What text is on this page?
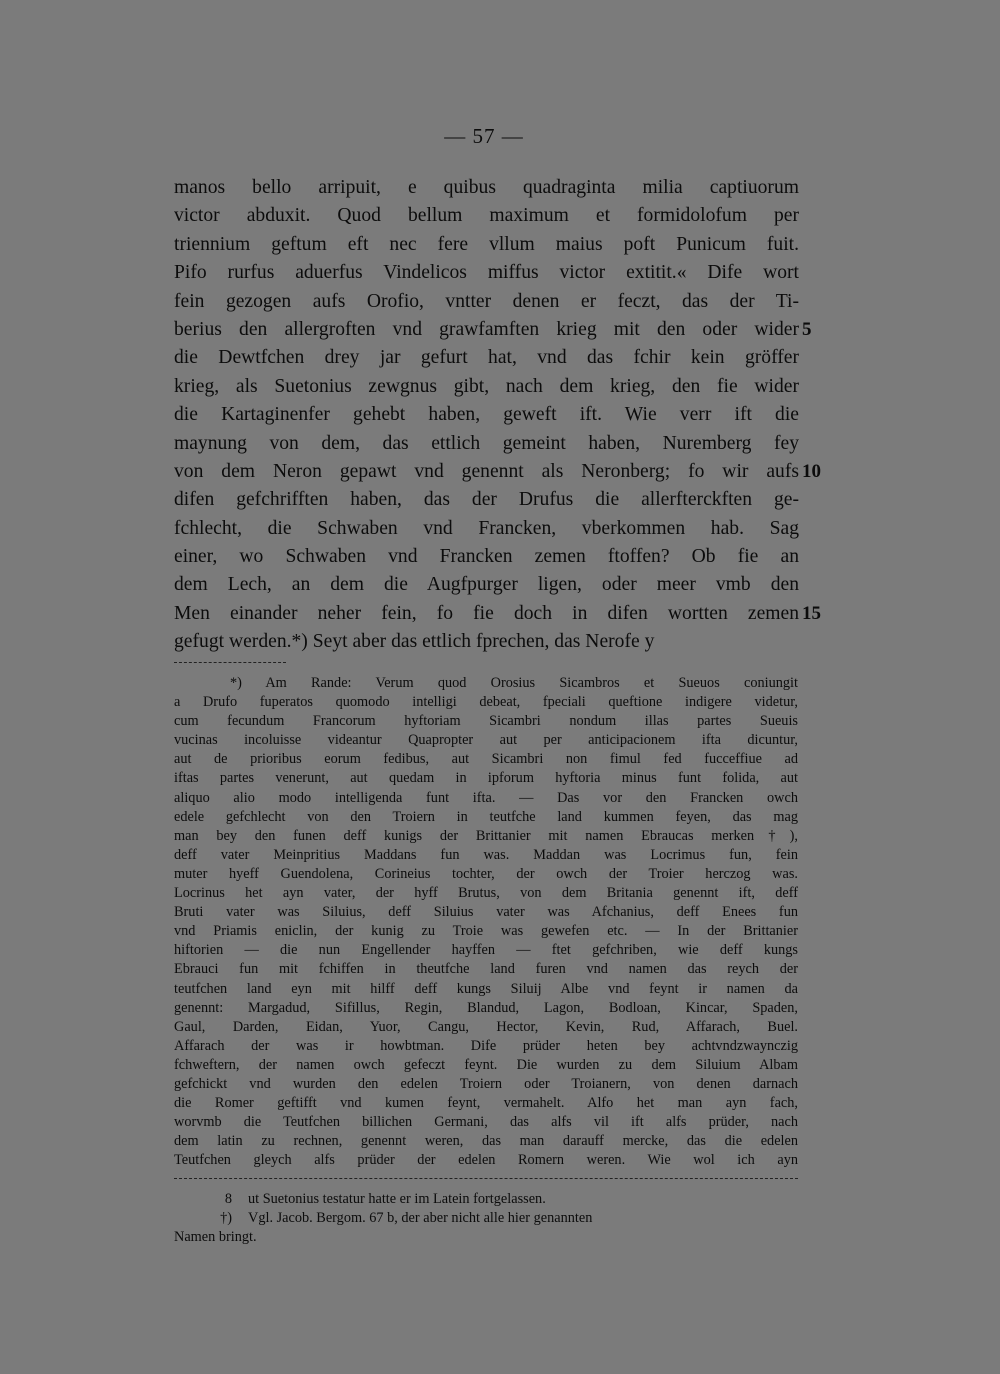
— 57 —
manos bello arripuit, e quibus quadraginta milia captiuorum
victor abduxit. Quod bellum maximum et formidolofum per
triennium geftum eft nec fere vllum maius poft Punicum fuit.
Pifo rurfus aduerfus Vindelicos miffus victor extitit.« Dife wort
fein gezogen aufs Orofio, vntter denen er feczt, das der Ti-
berius den allergroften vnd grawfamften krieg mit den oder wider
die Dewtfchen drey jar gefurt hat, vnd das fchir kein gröffer
krieg, als Suetonius zewgnus gibt, nach dem krieg, den fie wider
die Kartaginenfer gehebt haben, geweft ift. Wie verr ift die
maynung von dem, das ettlich gemeint haben, Nuremberg fey
von dem Neron gepawt vnd genennt als Neronberg; fo wir aufs
difen gefchrifften haben, das der Drufus die allerfterckften ge-
fchlecht, die Schwaben vnd Francken, vberkommen hab. Sag
einer, wo Schwaben vnd Francken zemen ftoffen? Ob fie an
dem Lech, an dem die Augfpurger ligen, oder meer vmb den
Men einander neher fein, fo fie doch in difen wortten zemen
gefugt werden.*) Seyt aber das ettlich fprechen, das Nerofe y
5
10
15
*) Am Rande: Verum quod Orosius Sicambros et Sueuos coniungit
a Drufo fuperatos quomodo intelligi debeat, fpeciali queftione indigere videtur,
cum fecundum Francorum hyftoriam Sicambri nondum illas partes Sueuis
vucinas incoluisse videantur Quapropter aut per anticipacionem ifta dicuntur,
aut de prioribus eorum fedibus, aut Sicambri non fimul fed fucceffiue ad
iftas partes venerunt, aut quedam in ipforum hyftoria minus funt folida, aut
aliquo alio modo intelligenda funt ifta. — Das vor den Francken owch
edele gefchlecht von den Troiern in teutfche land kummen feyen, das mag
man bey den funen deff kunigs der Brittanier mit namen Ebraucas merken†),
deff vater Meinpritius Maddans fun was. Maddan was Locrimus fun, fein
muter hyeff Guendolena, Corineius tochter, der owch der Troier herczog was.
Locrinus het ayn vater, der hyff Brutus, von dem Britania genennt ift, deff
Bruti vater was Siluius, deff Siluius vater was Afchanius, deff Enees fun
vnd Priamis eniclin, der kunig zu Troie was gewefen etc. — In der Brittanier
hiftorien — die nun Engellender hayffen — ftet gefchriben, wie deff kungs
Ebrauci fun mit fchiffen in theutfche land furen vnd namen das reych der
teutfchen land eyn mit hilff deff kungs Siluij Albe vnd feynt ir namen da
genennt: Margadud, Sifillus, Regin, Blandud, Lagon, Bodloan, Kincar, Spaden,
Gaul, Darden, Eidan, Yuor, Cangu, Hector, Kevin, Rud, Affarach, Buel.
Affarach der was ir howbtman. Dife prüder heten bey achtvndzwaynczig
fchweftern, der namen owch gefeczt feynt. Die wurden zu dem Siluium Albam
gefchickt vnd wurden den edelen Troiern oder Troianern, von denen darnach
die Romer geftifft vnd kumen feynt, vermahelt. Alfo het man ayn fach,
worvmb die Teutfchen billichen Germani, das alfs vil ift alfs prüder, nach
dem latin zu rechnen, genennt weren, das man darauff mercke, das die edelen
Teutfchen gleych alfs prüder der edelen Romern weren. Wie wol ich ayn
8 ut Suetonius testatur hatte er im Latein fortgelassen.
†) Vgl. Jacob. Bergom. 67 b, der aber nicht alle hier genannten
Namen bringt.
